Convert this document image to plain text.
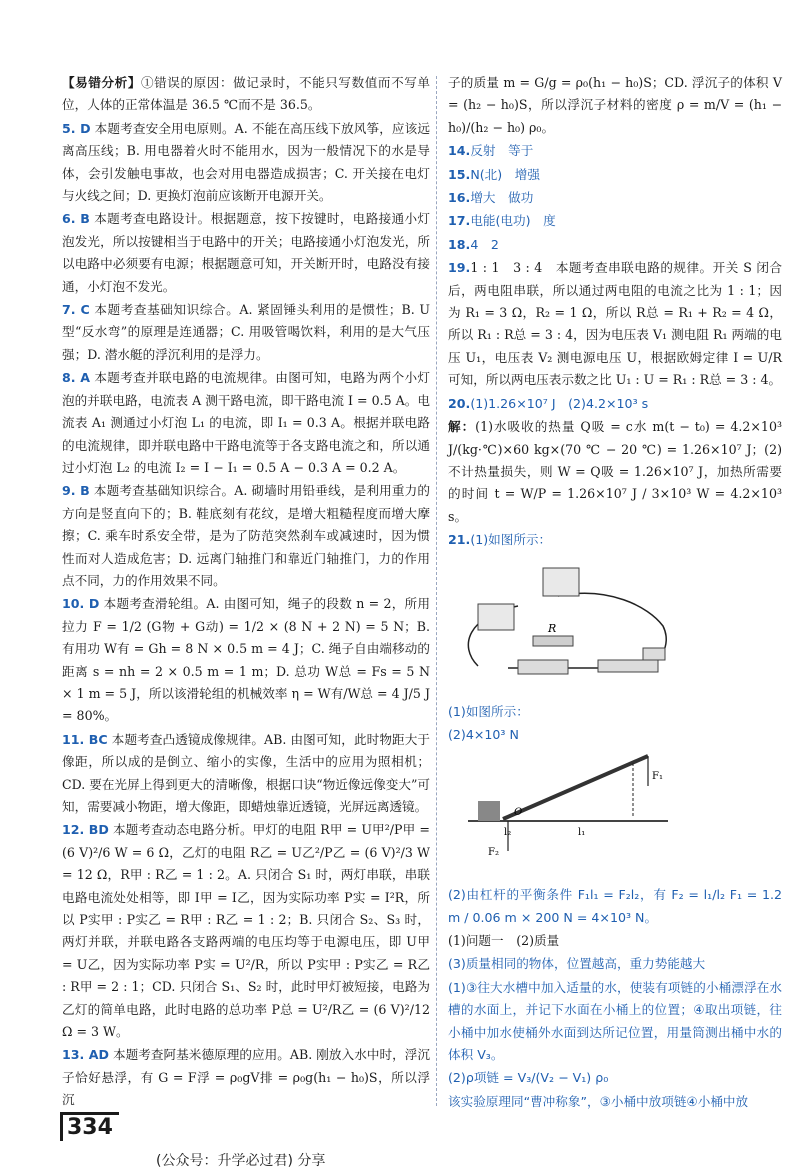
【易错分析】①错误的原因：做记录时，不能只写数值而不写单位，人体的正常体温是 36.5 ℃而不是 36.5。
5. D 本题考查安全用电原则。A. 不能在高压线下放风筝，应该远离高压线；B. 用电器着火时不能用水，因为一般情况下的水是导体，会引发触电事故，也会对用电器造成损害；C. 开关接在电灯与火线之间；D. 更换灯泡前应该断开电源开关。
6. B 本题考查电路设计。根据题意，按下按键时，电路接通小灯泡发光，所以按键相当于电路中的开关；电路接通小灯泡发光，所以电路中必须要有电源；根据题意可知，开关断开时，电路没有接通，小灯泡不发光。
7. C 本题考查基础知识综合。A. 紧固锤头利用的是惯性；B. U型“反水弯”的原理是连通器；C. 用吸管喝饮料，利用的是大气压强；D. 潜水艇的浮沉利用的是浮力。
8. A 本题考查并联电路的电流规律。由图可知，电路为两个小灯泡的并联电路，电流表 A 测干路电流，即干路电流 I = 0.5 A。电流表 A₁ 测通过小灯泡 L₁ 的电流，即 I₁ = 0.3 A。根据并联电路的电流规律，即并联电路中干路电流等于各支路电流之和，所以通过小灯泡 L₂ 的电流 I₂ = I − I₁ = 0.5 A − 0.3 A = 0.2 A。
9. B 本题考查基础知识综合。A. 砌墙时用铅垂线，是利用重力的方向是竖直向下的；B. 鞋底刻有花纹，是增大粗糙程度而增大摩擦；C. 乘车时系安全带，是为了防范突然刹车或减速时，因为惯性而对人造成危害；D. 远离门轴推门和靠近门轴推门，力的作用点不同，力的作用效果不同。
10. D 本题考查滑轮组。A. 由图可知，绳子的段数 n = 2，所用拉力 F = 1/2 (G物 + G动) = 1/2 × (8 N + 2 N) = 5 N；B. 有用功 W有 = Gh = 8 N × 0.5 m = 4 J；C. 绳子自由端移动的距离 s = nh = 2 × 0.5 m = 1 m；D. 总功 W总 = Fs = 5 N × 1 m = 5 J，所以该滑轮组的机械效率 η = W有/W总 = 4 J/5 J = 80%。
11. BC 本题考查凸透镜成像规律。AB. 由图可知，此时物距大于像距，所以成的是倒立、缩小的实像，生活中的应用为照相机；CD. 要在光屏上得到更大的清晰像，根据口诀“物近像远像变大”可知，需要减小物距，增大像距，即蜡烛靠近透镜，光屏远离透镜。
12. BD 本题考查动态电路分析。甲灯的电阻 R甲 = U甲²/P甲 = (6 V)²/6 W = 6 Ω，乙灯的电阻 R乙 = U乙²/P乙 = (6 V)²/3 W = 12 Ω，R甲 : R乙 = 1 : 2。A. 只闭合 S₁ 时，两灯串联，串联电路电流处处相等，即 I甲 = I乙，因为实际功率 P实 = I²R，所以 P实甲 : P实乙 = R甲 : R乙 = 1 : 2；B. 只闭合 S₂、S₃ 时，两灯并联，并联电路各支路两端的电压均等于电源电压，即 U甲 = U乙，因为实际功率 P实 = U²/R，所以 P实甲 : P实乙 = R乙 : R甲 = 2 : 1；CD. 只闭合 S₁、S₂ 时，此时甲灯被短接，电路为乙灯的简单电路，此时电路的总功率 P总 = U²/R乙 = (6 V)²/12 Ω = 3 W。
13. AD 本题考查阿基米德原理的应用。AB. 刚放入水中时，浮沉子恰好悬浮，有 G = F浮 = ρ₀gV排 = ρ₀g(h₁ − h₀)S，所以浮沉
子的质量 m = G/g = ρ₀(h₁ − h₀)S；CD. 浮沉子的体积 V = (h₂ − h₀)S，所以浮沉子材料的密度 ρ = m/V = (h₁ − h₀)/(h₂ − h₀) ρ₀。
14.反射　等于
15.N(北)　增强
16.增大　做功
17.电能(电功)　度
18.4　2
19.1 : 1　3 : 4　本题考查串联电路的规律。开关 S 闭合后，两电阻串联，所以通过两电阻的电流之比为 1 : 1；因为 R₁ = 3 Ω，R₂ = 1 Ω，所以 R总 = R₁ + R₂ = 4 Ω，所以 R₁ : R总 = 3 : 4，因为电压表 V₁ 测电阻 R₁ 两端的电压 U₁，电压表 V₂ 测电源电压 U，根据欧姆定律 I = U/R 可知，所以两电压表示数之比 U₁ : U = R₁ : R总 = 3 : 4。
20.(1)1.26×10⁷ J　(2)4.2×10³ s
解：(1)水吸收的热量 Q吸 = c水 m(t − t₀) = 4.2×10³ J/(kg·℃)×60 kg×(70 ℃ − 20 ℃) = 1.26×10⁷ J；(2)不计热量损失，则 W = Q吸 = 1.26×10⁷ J，加热所需要的时间 t = W/P = 1.26×10⁷ J / 3×10³ W = 4.2×10³ s。
21.(1)如图所示：
R
(1)如图所示：
(2)4×10³ N
F₁
F₂
O
l₁
l₂
(2)由杠杆的平衡条件 F₁l₁ = F₂l₂，有 F₂ = l₁/l₂ F₁ = 1.2 m / 0.06 m × 200 N = 4×10³ N。
(1)问题一　(2)质量
(3)质量相同的物体，位置越高，重力势能越大
(1)③往大水槽中加入适量的水，使装有项链的小桶漂浮在水槽的水面上，并记下水面在小桶上的位置；④取出项链，往小桶中加水使桶外水面到达所记位置，用量筒测出桶中水的体积 V₃。
(2)ρ项链 = V₃/(V₂ − V₁) ρ₀
该实验原理同“曹冲称象”，③小桶中放项链④小桶中放
334
(公众号：升学必过君) 分享
